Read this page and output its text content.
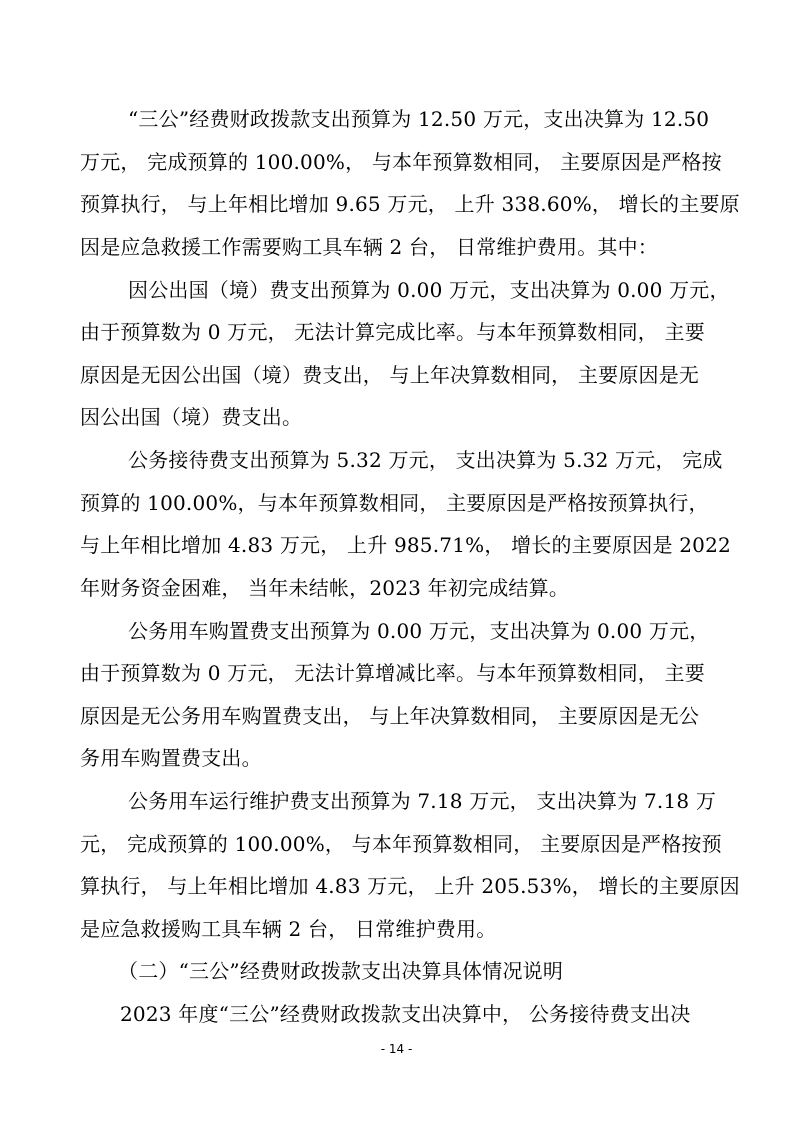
“三公”经费财政拨款支出预算为 12.50 万元，支出决算为 12.50
万元， 完成预算的 100.00%， 与本年预算数相同， 主要原因是严格按
预算执行， 与上年相比增加 9.65 万元， 上升 338.60%， 增长的主要原
因是应急救援工作需要购工具车辆 2 台， 日常维护费用。其中：
因公出国（境）费支出预算为 0.00 万元，支出决算为 0.00 万元，
由于预算数为 0 万元， 无法计算完成比率。与本年预算数相同， 主要
原因是无因公出国（境）费支出， 与上年决算数相同， 主要原因是无
因公出国（境）费支出。
公务接待费支出预算为 5.32 万元， 支出决算为 5.32 万元， 完成
预算的 100.00%，与本年预算数相同， 主要原因是严格按预算执行，
与上年相比增加 4.83 万元， 上升 985.71%， 增长的主要原因是 2022
年财务资金困难， 当年未结帐，2023 年初完成结算。
公务用车购置费支出预算为 0.00 万元，支出决算为 0.00 万元，
由于预算数为 0 万元， 无法计算增减比率。与本年预算数相同， 主要
原因是无公务用车购置费支出， 与上年决算数相同， 主要原因是无公
务用车购置费支出。
公务用车运行维护费支出预算为 7.18 万元， 支出决算为 7.18 万
元， 完成预算的 100.00%， 与本年预算数相同， 主要原因是严格按预
算执行， 与上年相比增加 4.83 万元， 上升 205.53%， 增长的主要原因
是应急救援购工具车辆 2 台， 日常维护费用。
（二）“三公”经费财政拨款支出决算具体情况说明
2023 年度“三公”经费财政拨款支出决算中， 公务接待费支出决
- 14 -
